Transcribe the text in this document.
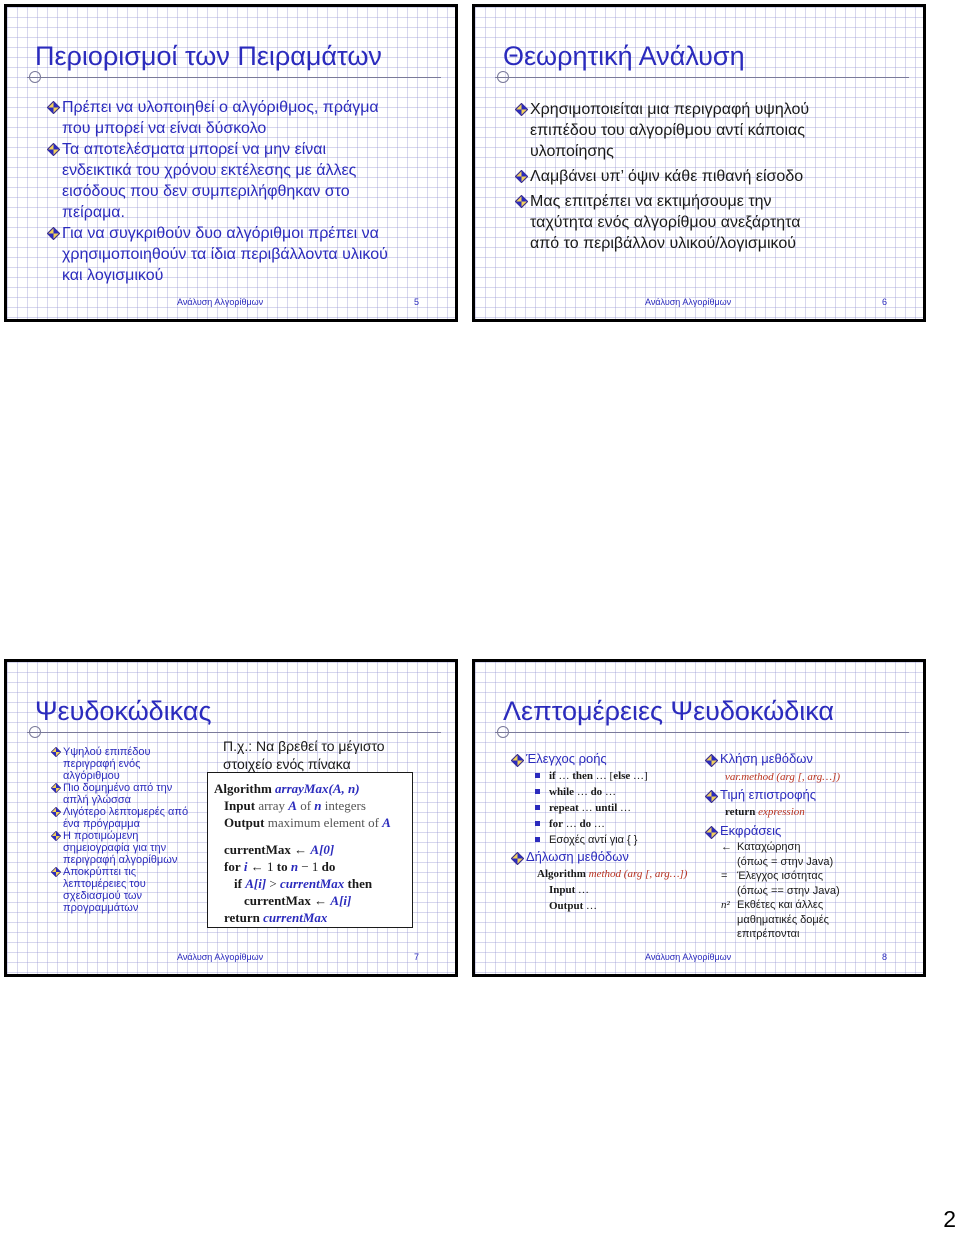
Περιορισμοί των Πειραμάτων
Πρέπει να υλοποιηθεί ο αλγόριθμος, πράγμα
που μπορεί να είναι δύσκολο
Τα αποτελέσματα μπορεί να μην είναι
ενδεικτικά του χρόνου εκτέλεσης με άλλες
εισόδους που δεν συμπεριλήφθηκαν στο
πείραμα.
Για να συγκριθούν δυο αλγόριθμοι πρέπει να
χρησιμοποιηθούν τα ίδια περιβάλλοντα υλικού
και λογισμικού
Ανάλυση Αλγορίθμων	5
Θεωρητική Ανάλυση
Χρησιμοποιείται μια περιγραφή υψηλού
επιπέδου του αλγορίθμου αντί κάποιας
υλοποίησης
Λαμβάνει υπ’ όψιν κάθε πιθανή είσοδο
Μας επιτρέπει να εκτιμήσουμε την
ταχύτητα ενός αλγορίθμου ανεξάρτητα
από το περιβάλλον υλικού/λογισμικού
Ανάλυση Αλγορίθμων	6
Ψευδοκώδικας
Υψηλού επιπέδου
περιγραφή ενός
αλγόριθμου
Πιο δομημένο από την
απλή γλώσσα
Λιγότερο λεπτομερές από
ένα πρόγραμμα
Η προτιμώμενη
σημειογραφία για την
περιγραφή αλγορίθμων
Αποκρύπτει τις
λεπτομέρειες του
σχεδιασμού των
προγραμμάτων
Π.χ.: Να βρεθεί το μέγιστο
στοιχείο ενός πίνακα
Algorithm arrayMax(A, n)
Input array A of n integers
Output maximum element of A
currentMax ← A[0]
for i ← 1 to n − 1 do
if A[i] > currentMax then
currentMax ← A[i]
return currentMax
Ανάλυση Αλγορίθμων	7
Λεπτομέρειες Ψευδοκώδικα
Έλεγχος ροής
if … then … [else …]
while … do …
repeat … until …
for … do …
Εσοχές αντί για { }
Δήλωση μεθόδων
Algorithm method (arg [, arg…])
Input …
Output …
Κλήση μεθόδων
var.method (arg [, arg…])
Τιμή επιστροφής
return expression
Εκφράσεις
← Καταχώρηση
(όπως = στην Java)
= Έλεγχος ισότητας
(όπως == στην Java)
n² Εκθέτες και άλλες
μαθηματικές δομές
επιτρέπονται
Ανάλυση Αλγορίθμων	8
2
